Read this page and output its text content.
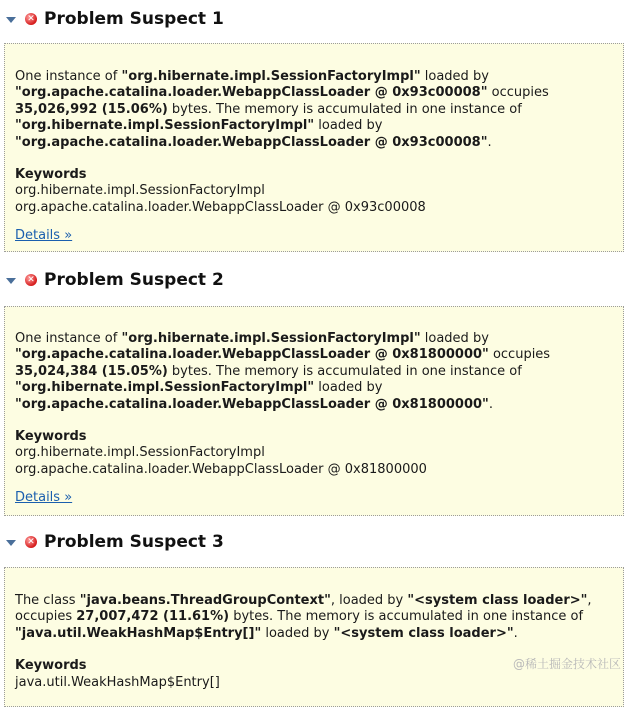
✕ Problem Suspect 1

One instance of "org.hibernate.impl.SessionFactoryImpl" loaded by
"org.apache.catalina.loader.WebappClassLoader @ 0x93c00008" occupies
35,026,992 (15.06%) bytes. The memory is accumulated in one instance of
"org.hibernate.impl.SessionFactoryImpl" loaded by
"org.apache.catalina.loader.WebappClassLoader @ 0x93c00008".

Keywords
org.hibernate.impl.SessionFactoryImpl
org.apache.catalina.loader.WebappClassLoader @ 0x93c00008
Details »
✕ Problem Suspect 2

One instance of "org.hibernate.impl.SessionFactoryImpl" loaded by
"org.apache.catalina.loader.WebappClassLoader @ 0x81800000" occupies
35,024,384 (15.05%) bytes. The memory is accumulated in one instance of
"org.hibernate.impl.SessionFactoryImpl" loaded by
"org.apache.catalina.loader.WebappClassLoader @ 0x81800000".

Keywords
org.hibernate.impl.SessionFactoryImpl
org.apache.catalina.loader.WebappClassLoader @ 0x81800000
Details »
✕ Problem Suspect 3

The class "java.beans.ThreadGroupContext", loaded by "<system class loader>",
occupies 27,007,472 (11.61%) bytes. The memory is accumulated in one instance of
"java.util.WeakHashMap$Entry[]" loaded by "<system class loader>".

Keywords
java.util.WeakHashMap$Entry[]
@稀土掘金技术社区
